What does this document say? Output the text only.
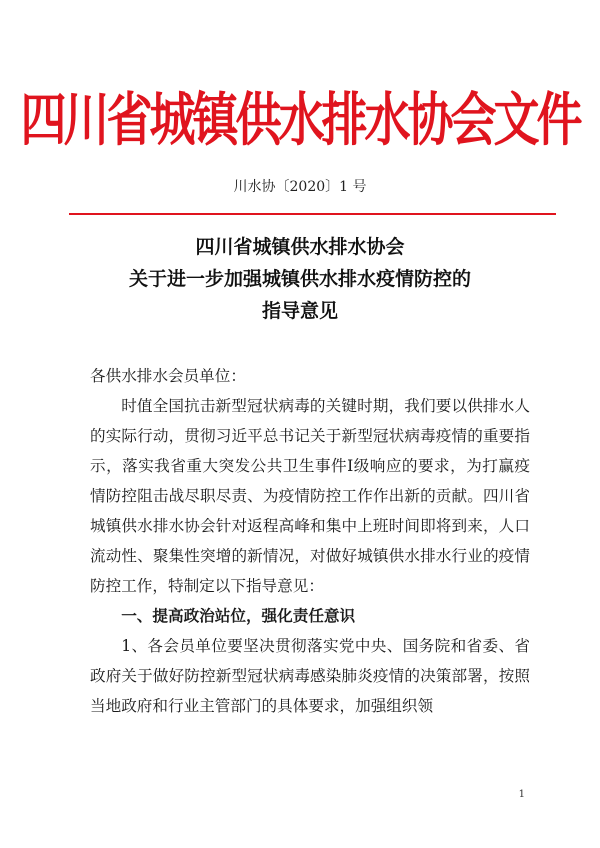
四川省城镇供水排水协会文件
川水协〔2020〕1 号
四川省城镇供水排水协会
关于进一步加强城镇供水排水疫情防控的
指导意见
各供水排水会员单位：
时值全国抗击新型冠状病毒的关键时期，我们要以供排水人的实际行动，贯彻习近平总书记关于新型冠状病毒疫情的重要指示，落实我省重大突发公共卫生事件Ⅰ级响应的要求，为打赢疫情防控阻击战尽职尽责、为疫情防控工作作出新的贡献。四川省城镇供水排水协会针对返程高峰和集中上班时间即将到来，人口流动性、聚集性突增的新情况，对做好城镇供水排水行业的疫情防控工作，特制定以下指导意见：
一、提高政治站位，强化责任意识
1、各会员单位要坚决贯彻落实党中央、国务院和省委、省政府关于做好防控新型冠状病毒感染肺炎疫情的决策部署，按照当地政府和行业主管部门的具体要求，加强组织领
1
